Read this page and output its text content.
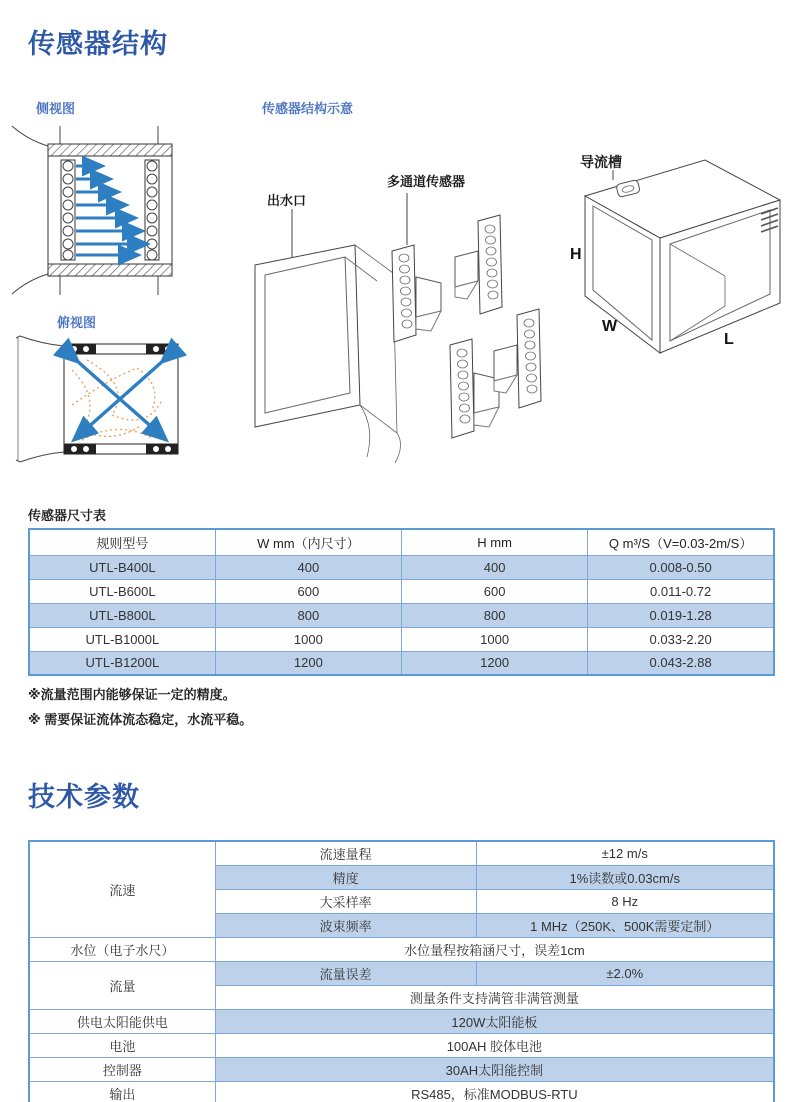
传感器结构
侧视图	传感器结构示意
俯视图
出水口
多通道传感器
导流槽
H
W
L
传感器尺寸表
规则型号	W mm（内尺寸）	H mm	Q m³/S（V=0.03-2m/S）
UTL-B400L	400	400	0.008-0.50
UTL-B600L	600	600	0.011-0.72
UTL-B800L	800	800	0.019-1.28
UTL-B1000L	1000	1000	0.033-2.20
UTL-B1200L	1200	1200	0.043-2.88
※流量范围内能够保证一定的精度。
※ 需要保证流体流态稳定，水流平稳。
技术参数
流速	流速量程	±12 m/s
	精度	1%读数或0.03cm/s
	大采样率	8 Hz
	波束频率	1 MHz（250K、500K需要定制）
水位（电子水尺）	水位量程按箱涵尺寸，误差1cm	
流量	流量误差	±2.0%
	测量条件支持满管非满管测量	
供电太阳能供电	120W太阳能板	
电池	100AH 胶体电池	
控制器	30AH太阳能控制	
输出	RS485，标准MODBUS-RTU	
